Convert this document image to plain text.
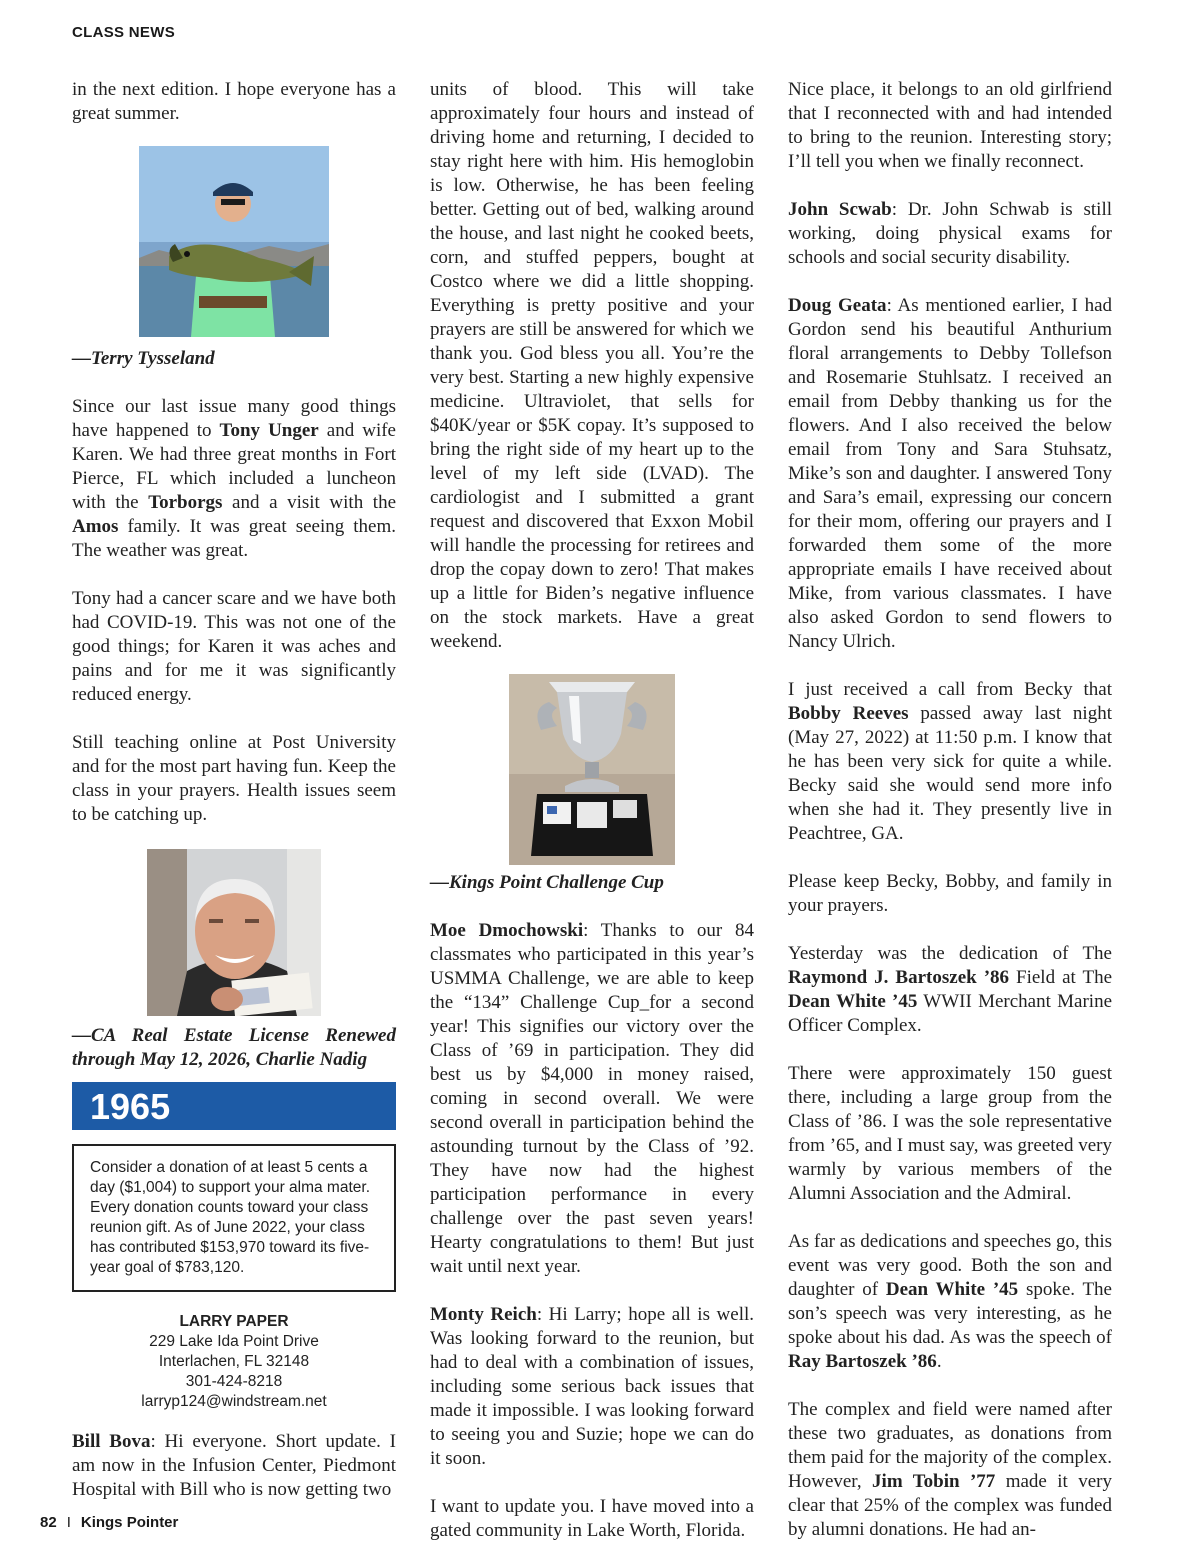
CLASS NEWS

in the next edition. I hope everyone has a great summer.

—Terry Tysseland

Since our last issue many good things have happened to Tony Unger and wife Karen. We had three great months in Fort Pierce, FL which included a luncheon with the Torborgs and a visit with the Amos family. It was great seeing them. The weather was great.

Tony had a cancer scare and we have both had COVID-19. This was not one of the good things; for Karen it was aches and pains and for me it was significantly reduced energy.

Still teaching online at Post University and for the most part having fun. Keep the class in your prayers. Health issues seem to be catching up.

—CA Real Estate License Renewed through May 12, 2026, Charlie Nadig

1965
Consider a donation of at least 5 cents a day ($1,004) to support your alma mater. Every donation counts toward your class reunion gift. As of June 2022, your class has contributed $153,970 toward its five-year goal of $783,120.
LARRY PAPER
229 Lake Ida Point Drive
Interlachen, FL 32148
301-424-8218
larryp124@windstream.net

Bill Bova: Hi everyone. Short update. I am now in the Infusion Center, Piedmont Hospital with Bill who is now getting two

units of blood. This will take approximately four hours and instead of driving home and returning, I decided to stay right here with him. His hemoglobin is low. Otherwise, he has been feeling better. Getting out of bed, walking around the house, and last night he cooked beets, corn, and stuffed peppers, bought at Costco where we did a little shopping. Everything is pretty positive and your prayers are still be answered for which we thank you. God bless you all. You’re the very best. Starting a new highly expensive medicine. Ultraviolet, that sells for $40K/year or $5K copay. It’s supposed to bring the right side of my heart up to the level of my left side (LVAD). The cardiologist and I submitted a grant request and discovered that Exxon Mobil will handle the processing for retirees and drop the copay down to zero! That makes up a little for Biden’s negative influence on the stock markets. Have a great weekend.

—Kings Point Challenge Cup

Moe Dmochowski: Thanks to our 84 classmates who participated in this year’s USMMA Challenge, we are able to keep the “134” Challenge Cup_for a second year! This signifies our victory over the Class of ’69 in participation. They did best us by $4,000 in money raised, coming in second overall. We were second overall in participation behind the astounding turnout by the Class of ’92. They have now had the highest participation performance in every challenge over the past seven years! Hearty congratulations to them! But just wait until next year.

Monty Reich: Hi Larry; hope all is well. Was looking forward to the reunion, but had to deal with a combination of issues, including some serious back issues that made it impossible. I was looking forward to seeing you and Suzie; hope we can do it soon.

I want to update you. I have moved into a gated community in Lake Worth, Florida.

Nice place, it belongs to an old girlfriend that I reconnected with and had intended to bring to the reunion. Interesting story; I’ll tell you when we finally reconnect.

John Scwab: Dr. John Schwab is still working, doing physical exams for schools and social security disability.

Doug Geata: As mentioned earlier, I had Gordon send his beautiful Anthurium floral arrangements to Debby Tollefson and Rosemarie Stuhlsatz. I received an email from Debby thanking us for the flowers. And I also received the below email from Tony and Sara Stuhsatz, Mike’s son and daughter. I answered Tony and Sara’s email, expressing our concern for their mom, offering our prayers and I forwarded them some of the more appropriate emails I have received about Mike, from various classmates. I have also asked Gordon to send flowers to Nancy Ulrich.

I just received a call from Becky that Bobby Reeves passed away last night (May 27, 2022) at 11:50 p.m. I know that he has been very sick for quite a while. Becky said she would send more info when she had it. They presently live in Peachtree, GA.

Please keep Becky, Bobby, and family in your prayers.

Yesterday was the dedication of The Raymond J. Bartoszek ’86 Field at The Dean White ’45 WWII Merchant Marine Officer Complex.

There were approximately 150 guest there, including a large group from the Class of ’86. I was the sole representative from ’65, and I must say, was greeted very warmly by various members of the Alumni Association and the Admiral.

As far as dedications and speeches go, this event was very good. Both the son and daughter of Dean White ’45 spoke. The son’s speech was very interesting, as he spoke about his dad. As was the speech of Ray Bartoszek ’86.

The complex and field were named after these two graduates, as donations from them paid for the majority of the complex. However, Jim Tobin ’77 made it very clear that 25% of the complex was funded by alumni donations. He had an-

82 I Kings Pointer
